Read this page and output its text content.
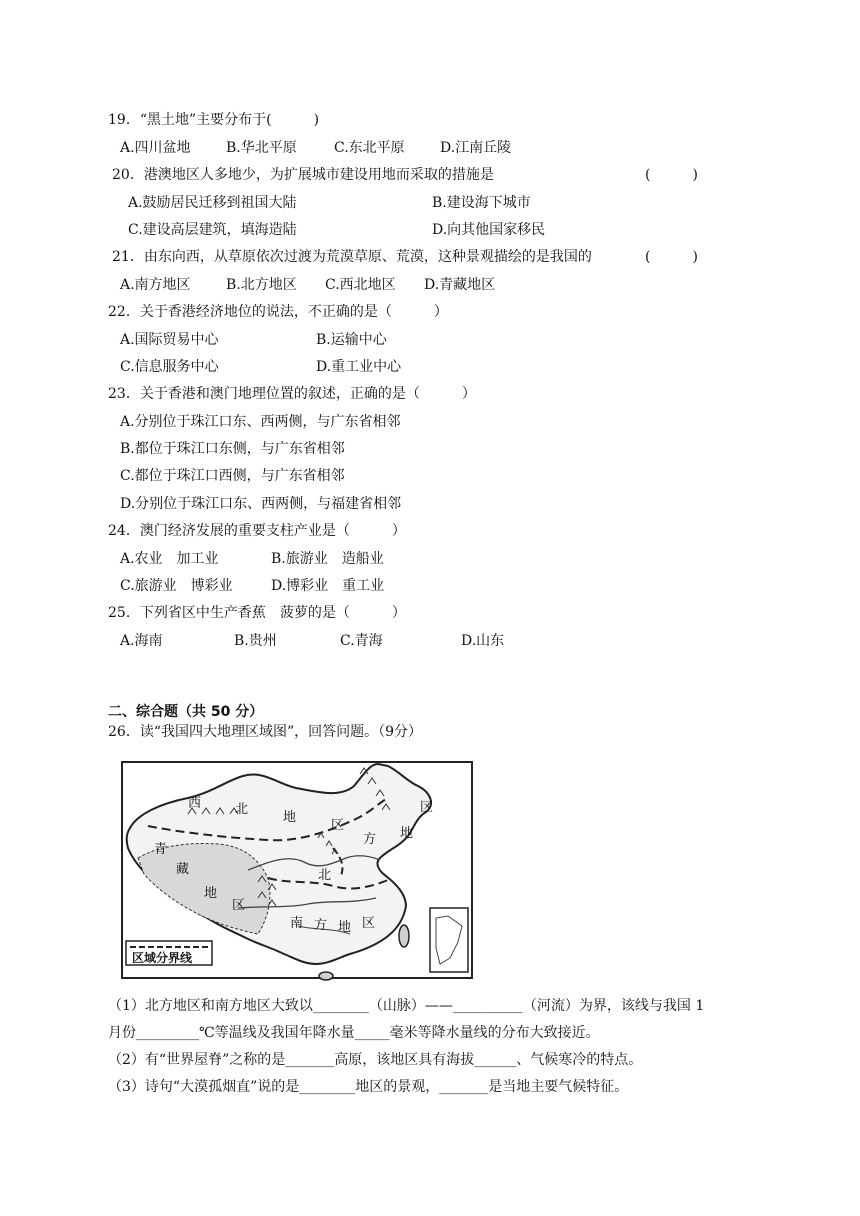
19．“黑土地”主要分布于(　　　)
A.四川盆地	B.华北平原	C.东北平原	D.江南丘陵
20．港澳地区人多地少，为扩展城市建设用地而采取的措施是	(　　　)
A.鼓励居民迁移到祖国大陆	B.建设海下城市
C.建设高层建筑，填海造陆	D.向其他国家移民
21．由东向西，从草原依次过渡为荒漠草原、荒漠，这种景观描绘的是我国的	(　　　)
A.南方地区	B.北方地区 C.西北地区 D.青藏地区
22．关于香港经济地位的说法，不正确的是（　　　）
A.国际贸易中心	B.运输中心
C.信息服务中心	D.重工业中心
23．关于香港和澳门地理位置的叙述，正确的是（　　　）
A.分别位于珠江口东、西两侧，与广东省相邻
B.都位于珠江口东侧，与广东省相邻
C.都位于珠江口西侧，与广东省相邻
D.分别位于珠江口东、西两侧，与福建省相邻
24．澳门经济发展的重要支柱产业是（　　　）
A.农业　加工业	B.旅游业　造船业
C.旅游业　博彩业	D.博彩业　重工业
25．下列省区中生产香蕉　菠萝的是（　　　）
A.海南	B.贵州	C.青海	D.山东
二、综合题（共 50 分）
26．读“我国四大地理区域图”，回答问题。（9分）
区域分界线
西	北
地
区
区
地
北
方
青
藏
地
区
南 方 地 区
（1）北方地区和南方地区大致以________（山脉）——__________（河流）为界，该线与我国 1
月份_________℃等温线及我国年降水量_____毫米等降水量线的分布大致接近。
（2）有“世界屋脊”之称的是_______高原，该地区具有海拔______、气候寒冷的特点。
（3）诗句“大漠孤烟直”说的是________地区的景观，_______是当地主要气候特征。
